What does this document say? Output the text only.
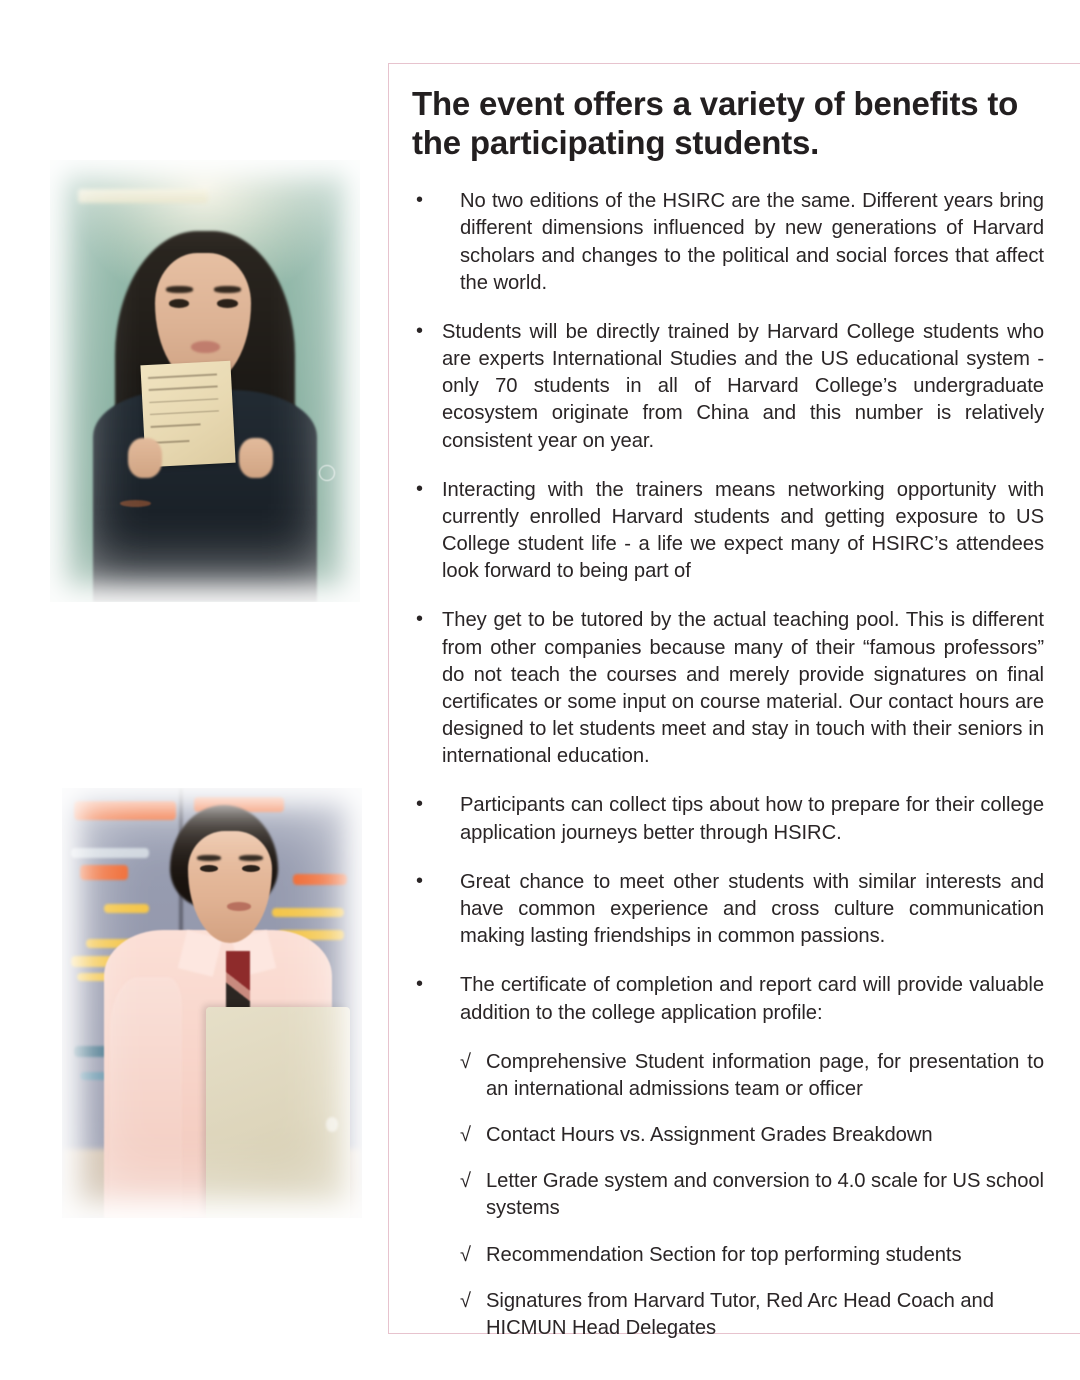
The event offers a variety of benefits to the participating students.
• No two editions of the HSIRC are the same. Different years bring different dimensions influenced by new generations of Harvard scholars and changes to the political and social forces that affect the world.
• Students will be directly trained by Harvard College students who are experts International Studies and the US educational system - only 70 students in all of Harvard College’s undergraduate ecosystem originate from China and this number is relatively consistent year on year.
• Interacting with the trainers means networking opportunity with currently enrolled Harvard students and getting exposure to US College student life - a life we expect many of HSIRC’s attendees look forward to being part of
• They get to be tutored by the actual teaching pool. This is different from other companies because many of their “famous professors” do not teach the courses and merely provide signatures on final certificates or some input on course material. Our contact hours are designed to let students meet and stay in touch with their seniors in international education.
• Participants can collect tips about how to prepare for their college application journeys better through HSIRC.
• Great chance to meet other students with similar interests and have common experience and cross culture communication making lasting friendships in common passions.
• The certificate of completion and report card will provide valuable addition to the college application profile:
√ Comprehensive Student information page, for presentation to an international admissions team or officer
√ Contact Hours vs. Assignment Grades Breakdown
√ Letter Grade system and conversion to 4.0 scale for US school systems
√ Recommendation Section for top performing students
√ Signatures from Harvard Tutor, Red Arc Head Coach and HICMUN Head Delegates
